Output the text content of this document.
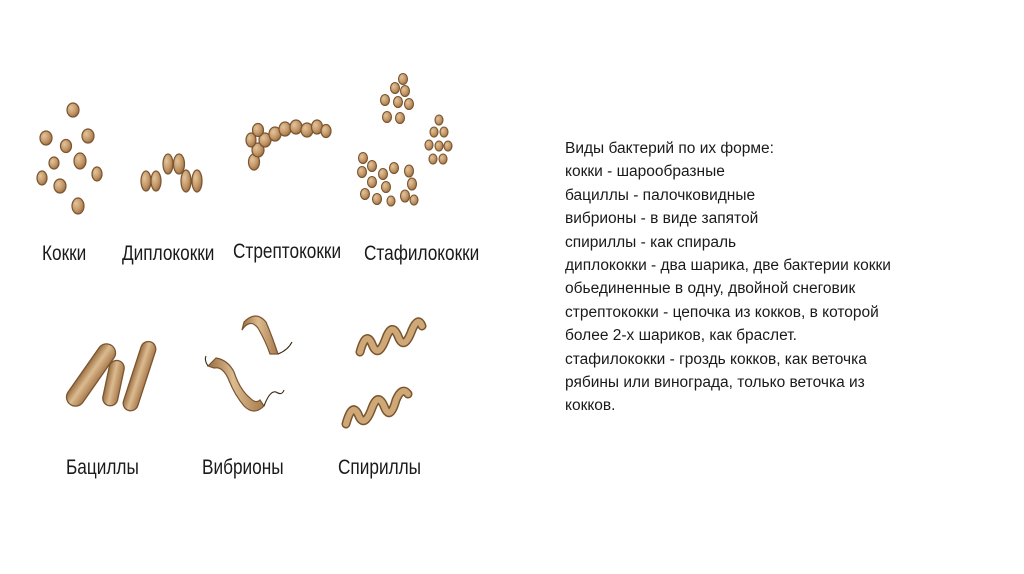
Кокки Диплококки Стрептококки Стафилококки
Бациллы	Вибрионы	Спириллы
Виды бактерий по их форме:
кокки - шарообразные
бациллы - палочковидные
вибрионы - в виде запятой
спириллы - как спираль
диплококки - два шарика, две бактерии кокки
обьединенные в одну, двойной снеговик
стрептококки - цепочка из кокков, в которой
более 2-х шариков, как браслет.
стафилококки - гроздь кокков, как веточка
рябины или винограда, только веточка из
кокков.
